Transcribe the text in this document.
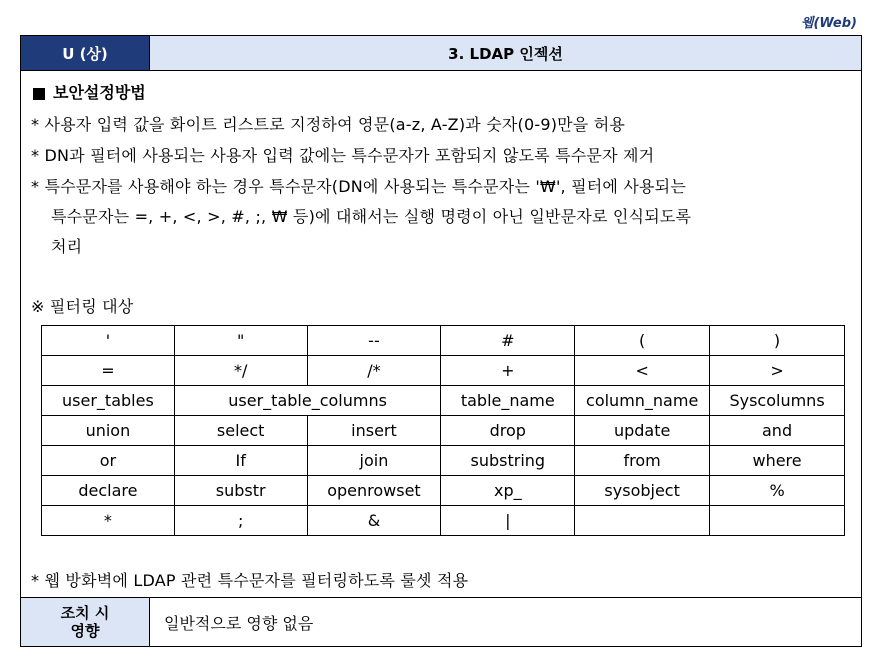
웹(Web)
U (상)	3. LDAP 인젝션
보안설정방법
* 사용자 입력 값을 화이트 리스트로 지정하여 영문(a-z, A-Z)과 숫자(0-9)만을 허용
* DN과 필터에 사용되는 사용자 입력 값에는 특수문자가 포함되지 않도록 특수문자 제거
* 특수문자를 사용해야 하는 경우 특수문자(DN에 사용되는 특수문자는 '₩', 필터에 사용되는
특수문자는 =, +, <, >, #, ;, ₩ 등)에 대해서는 실행 명령이 아닌 일반문자로 인식되도록
처리
※ 필터링 대상
'	"	--	#	(	)
=	*/	/*	+	<	>
user_tables	user_table_columns		table_name	column_name	Syscolumns
union	select	insert	drop	update	and
or	If	join	substring	from	where
declare	substr	openrowset	xp_	sysobject	%
*	;	&	|		
* 웹 방화벽에 LDAP 관련 특수문자를 필터링하도록 룰셋 적용
조치 시
영향	일반적으로 영향 없음
